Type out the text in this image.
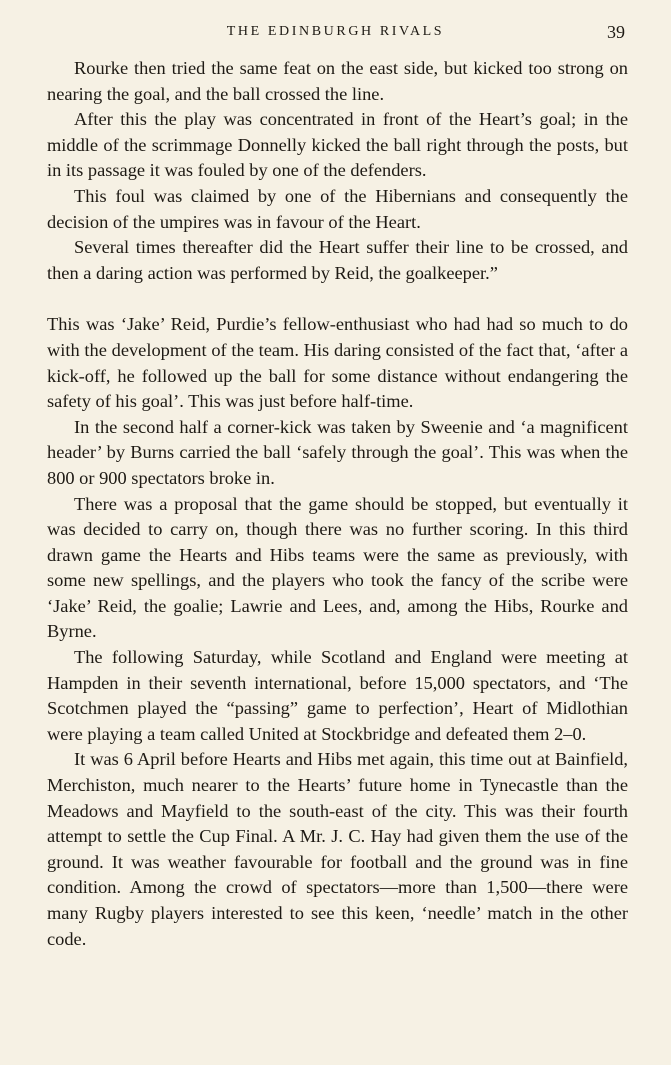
THE EDINBURGH RIVALS	39

Rourke then tried the same feat on the east side, but kicked too strong on nearing the goal, and the ball crossed the line.

After this the play was concentrated in front of the Heart’s goal; in the middle of the scrimmage Donnelly kicked the ball right through the posts, but in its passage it was fouled by one of the defenders.

This foul was claimed by one of the Hibernians and consequently the decision of the umpires was in favour of the Heart.

Several times thereafter did the Heart suffer their line to be crossed, and then a daring action was performed by Reid, the goalkeeper.”

This was ‘Jake’ Reid, Purdie’s fellow-enthusiast who had had so much to do with the development of the team. His daring consisted of the fact that, ‘after a kick-off, he followed up the ball for some distance without endangering the safety of his goal’. This was just before half-time.

In the second half a corner-kick was taken by Sweenie and ‘a magnificent header’ by Burns carried the ball ‘safely through the goal’. This was when the 800 or 900 spectators broke in.

There was a proposal that the game should be stopped, but eventually it was decided to carry on, though there was no further scoring. In this third drawn game the Hearts and Hibs teams were the same as previously, with some new spellings, and the players who took the fancy of the scribe were ‘Jake’ Reid, the goalie; Lawrie and Lees, and, among the Hibs, Rourke and Byrne.

The following Saturday, while Scotland and England were meeting at Hampden in their seventh international, before 15,000 spectators, and ‘The Scotchmen played the “passing” game to perfection’, Heart of Midlothian were playing a team called United at Stockbridge and defeated them 2–0.

It was 6 April before Hearts and Hibs met again, this time out at Bainfield, Merchiston, much nearer to the Hearts’ future home in Tynecastle than the Meadows and Mayfield to the south-east of the city. This was their fourth attempt to settle the Cup Final. A Mr. J. C. Hay had given them the use of the ground. It was weather favourable for football and the ground was in fine condition. Among the crowd of spectators—more than 1,500—there were many Rugby players interested to see this keen, ‘needle’ match in the other code.
